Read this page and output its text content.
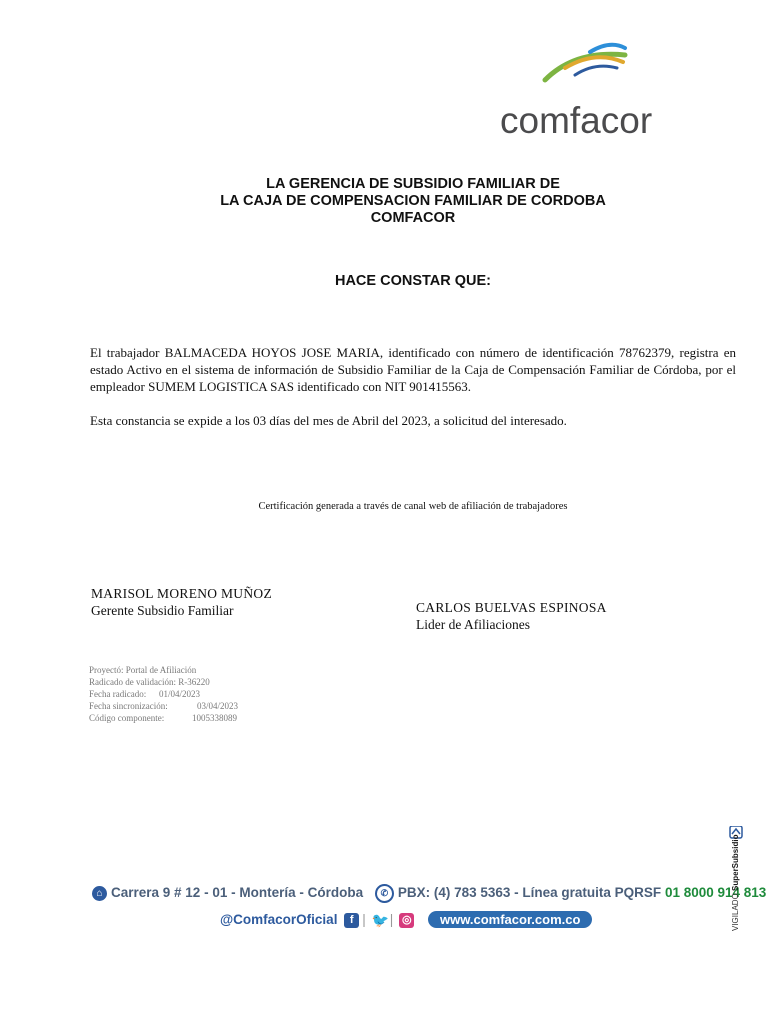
comfacor
LA GERENCIA DE SUBSIDIO FAMILIAR DE
LA CAJA DE COMPENSACION FAMILIAR DE CORDOBA
COMFACOR
HACE CONSTAR QUE:
El trabajador BALMACEDA HOYOS JOSE MARIA, identificado con número de identificación 78762379, registra en estado Activo en el sistema de información de Subsidio Familiar de la Caja de Compensación Familiar de Córdoba, por el empleador SUMEM LOGISTICA SAS identificado con NIT 901415563.
Esta constancia se expide a los 03 días del mes de Abril del 2023, a solicitud del interesado.
Certificación generada a través de canal web de afiliación de trabajadores
MARISOL MORENO MUÑOZ
Gerente Subsidio Familiar	CARLOS BUELVAS ESPINOSA
Lider de Afiliaciones
Proyectó: Portal de Afiliación
Radicado de validación: R-36220
Fecha radicado: 01/04/2023
Fecha sincronización:	03/04/2023
Código componente:	1005338089
⌂ Carrera 9 # 12 - 01 - Montería - Córdoba ✆ PBX: (4) 783 5363 - Línea gratuita PQRSF 01 8000 914 813
@ComfacorOficial f | 🐦| ◎ www.comfacor.com.co	VIGILADO SuperSubsidio
